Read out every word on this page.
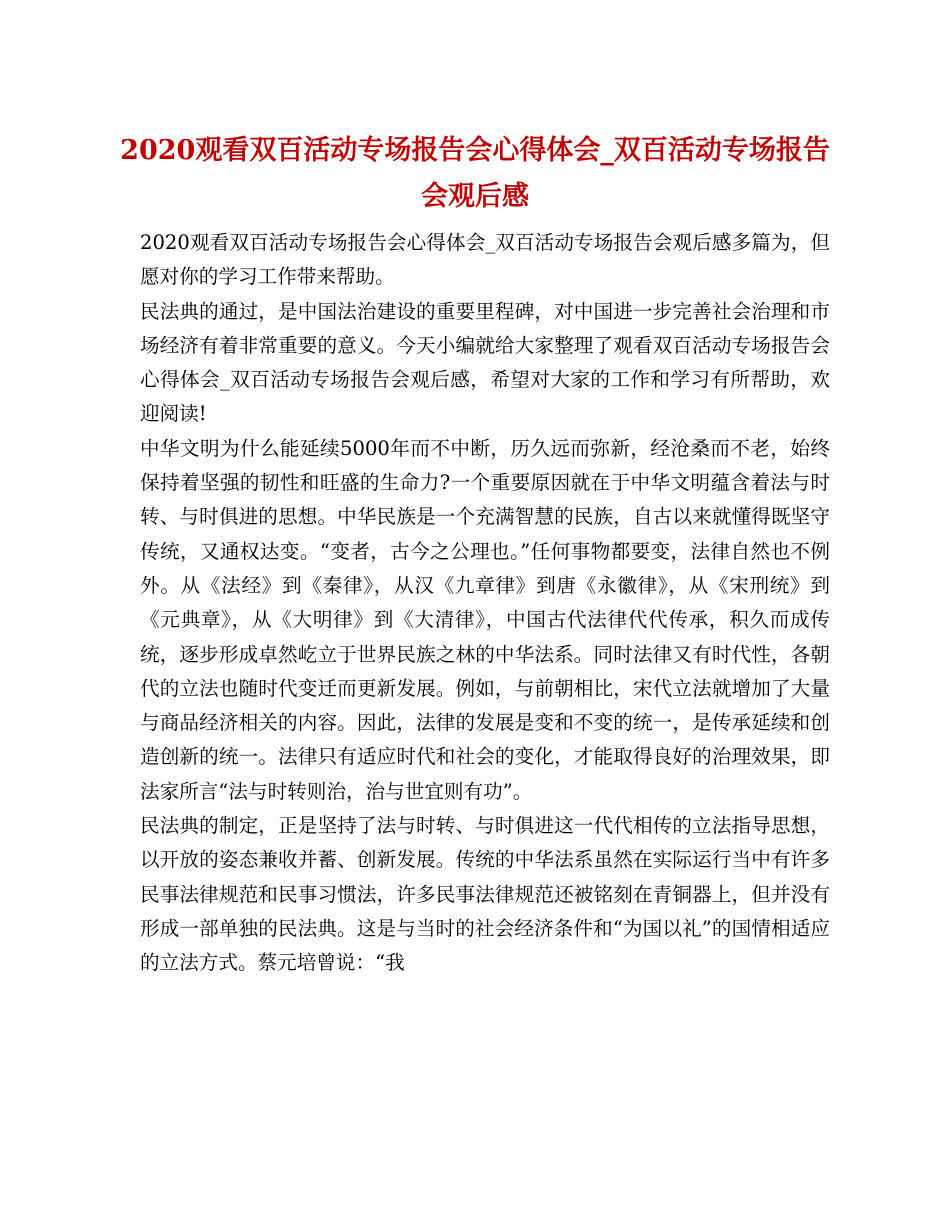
2020观看双百活动专场报告会心得体会_双百活动专场报告会观后感

2020观看双百活动专场报告会心得体会_双百活动专场报告会观后感多篇为，但愿对你的学习工作带来帮助。

民法典的通过，是中国法治建设的重要里程碑，对中国进一步完善社会治理和市场经济有着非常重要的意义。今天小编就给大家整理了观看双百活动专场报告会心得体会_双百活动专场报告会观后感，希望对大家的工作和学习有所帮助，欢迎阅读!

中华文明为什么能延续5000年而不中断，历久远而弥新，经沧桑而不老，始终保持着坚强的韧性和旺盛的生命力?一个重要原因就在于中华文明蕴含着法与时转、与时俱进的思想。中华民族是一个充满智慧的民族，自古以来就懂得既坚守传统，又通权达变。“变者，古今之公理也。”任何事物都要变，法律自然也不例外。从《法经》到《秦律》，从汉《九章律》到唐《永徽律》，从《宋刑统》到《元典章》，从《大明律》到《大清律》，中国古代法律代代传承，积久而成传统，逐步形成卓然屹立于世界民族之林的中华法系。同时法律又有时代性，各朝代的立法也随时代变迁而更新发展。例如，与前朝相比，宋代立法就增加了大量与商品经济相关的内容。因此，法律的发展是变和不变的统一，是传承延续和创造创新的统一。法律只有适应时代和社会的变化，才能取得良好的治理效果，即法家所言“法与时转则治，治与世宜则有功”。

民法典的制定，正是坚持了法与时转、与时俱进这一代代相传的立法指导思想，以开放的姿态兼收并蓄、创新发展。传统的中华法系虽然在实际运行当中有许多民事法律规范和民事习惯法，许多民事法律规范还被铭刻在青铜器上，但并没有形成一部单独的民法典。这是与当时的社会经济条件和“为国以礼”的国情相适应的立法方式。蔡元培曾说：“我
